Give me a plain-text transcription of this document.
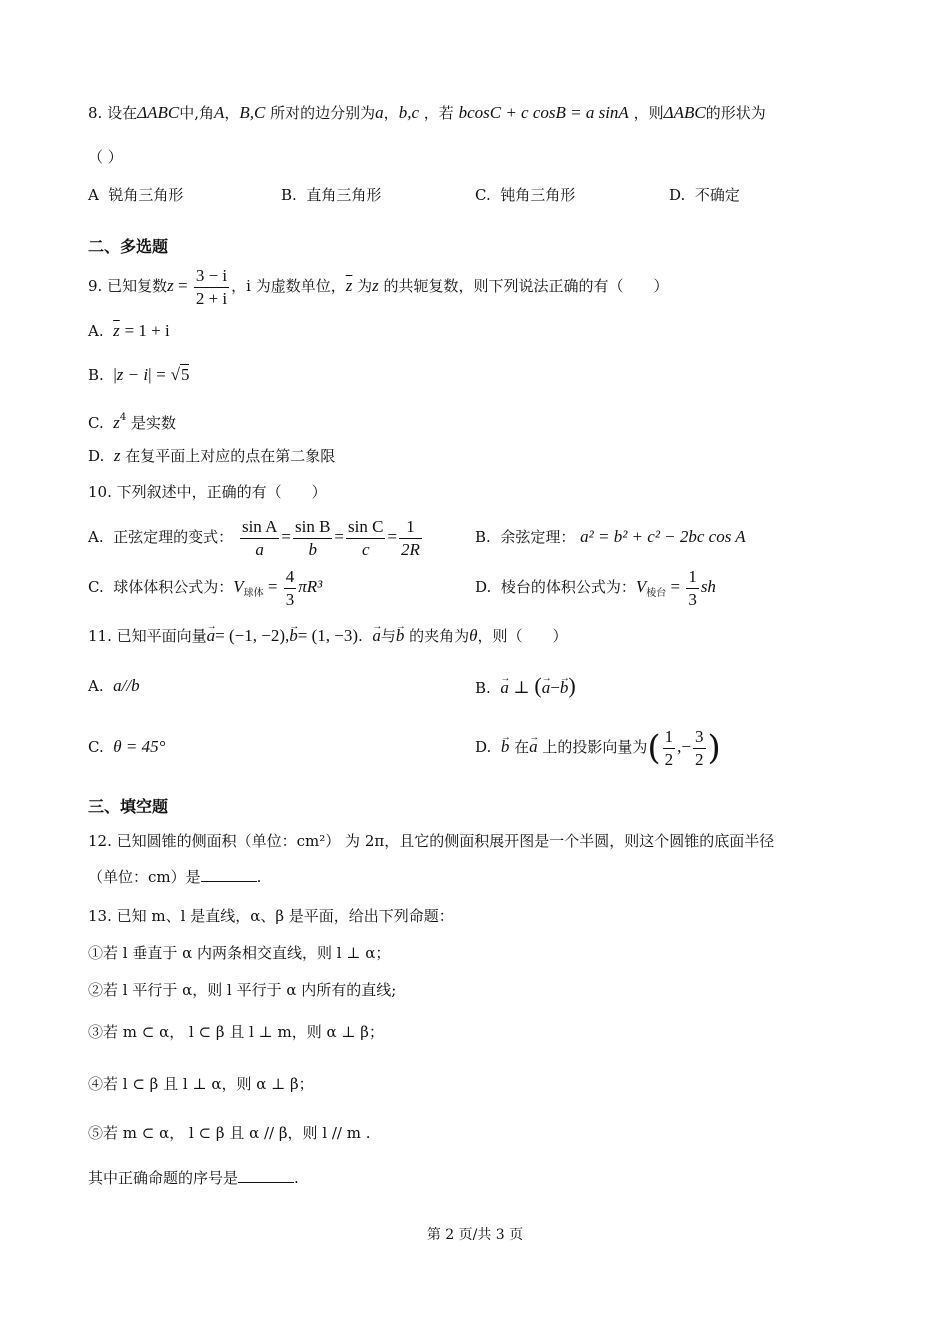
8. 设在ΔABC中,角A，B,C 所对的边分别为a，b,c ，若 bcosC + c cosB = a sinA ，则ΔABC的形状为
（ ）
A 锐角三角形	B. 直角三角形	C. 钝角三角形	D. 不确定
二、多选题
9. 已知复数$z = \frac{3 - i}{2 + i}$ ，i 为虚数单位，$\overline{z}$ 为z 的共轭复数，则下列说法正确的有（　　）
A. $\overline{z} = 1 + i$
B. |z − i| = √5
C. $z^4$ 是实数
D. z 在复平面上对应的点在第二象限
10. 下列叙述中，正确的有（　　）
A. 正弦定理的变式： $\frac{\text{sin A}}{a} = \frac{\text{sin B}}{b} = \frac{\text{sin C}}{c} = \frac{1}{2R}$	B. 余弦定理： a² = b² + c² − 2bc cos A
C. 球体体积公式为：$V_{球体} = \frac{4}{3} \pi R^3$	D. 棱台的体积公式为：$V_{棱台} = \frac{1}{3}$ sh
11. 已知平面向量→ a= (−1, −2),→ b= (1, −3). → a与→ b 的夹角为θ，则（　　）
A. a//b	B. → a ⊥ (→ a−→ b)
C. θ = 45°	D. → b 在→ a 上的投影向量为( $\frac{1}{2}$ ,− $\frac{3}{2}$ )
三、填空题
12. 已知圆锥的侧面积（单位：cm²） 为 2π，且它的侧面积展开图是一个半圆，则这个圆锥的底面半径
（单位：cm）是	.
13. 已知 m、l 是直线，α、β 是平面，给出下列命题：
①若 l 垂直于 α 内两条相交直线，则 l ⊥ α；
②若 l 平行于 α，则 l 平行于 α 内所有的直线;
③若 m ⊂ α， l ⊂ β 且 l ⊥ m，则 α ⊥ β；
④若 l ⊂ β 且 l ⊥ α，则 α ⊥ β；
⑤若 m ⊂ α， l ⊂ β 且 α // β，则 l // m .
其中正确命题的序号是	.
第 2 页/共 3 页
